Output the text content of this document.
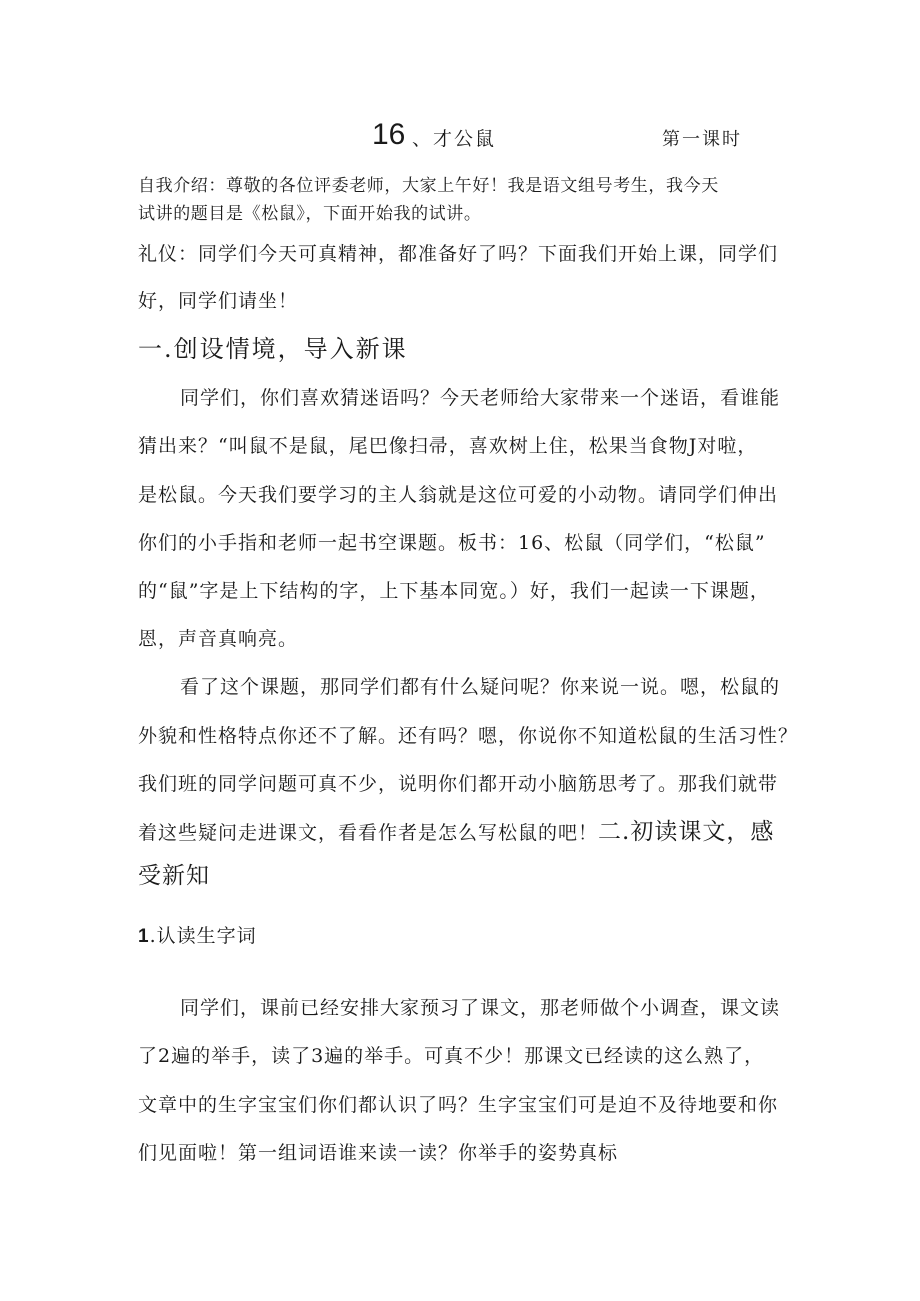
16 、才公鼠	第一课时
自我介绍：尊敬的各位评委老师，大家上午好！我是语文组号考生，我今天
试讲的题目是《松鼠》，下面开始我的试讲。
礼仪：同学们今天可真精神，都准备好了吗？下面我们开始上课，同学们
好，同学们请坐！
一.创设情境，导入新课
同学们，你们喜欢猜迷语吗？今天老师给大家带来一个迷语，看谁能
猜出来？“叫鼠不是鼠，尾巴像扫帚，喜欢树上住，松果当食物J对啦，
是松鼠。今天我们要学习的主人翁就是这位可爱的小动物。请同学们伸出
你们的小手指和老师一起书空课题。板书：16、松鼠（同学们，“松鼠”
的“鼠”字是上下结构的字，上下基本同宽。）好，我们一起读一下课题，
恩，声音真响亮。
看了这个课题，那同学们都有什么疑问呢？你来说一说。嗯，松鼠的
外貌和性格特点你还不了解。还有吗？嗯，你说你不知道松鼠的生活习性？
我们班的同学问题可真不少，说明你们都开动小脑筋思考了。那我们就带
着这些疑问走进课文，看看作者是怎么写松鼠的吧！二.初读课文，感
受新知
1.认读生字词
同学们，课前已经安排大家预习了课文，那老师做个小调查，课文读
了2遍的举手，读了3遍的举手。可真不少！那课文已经读的这么熟了，
文章中的生字宝宝们你们都认识了吗？生字宝宝们可是迫不及待地要和你
们见面啦！第一组词语谁来读一读？你举手的姿势真标
